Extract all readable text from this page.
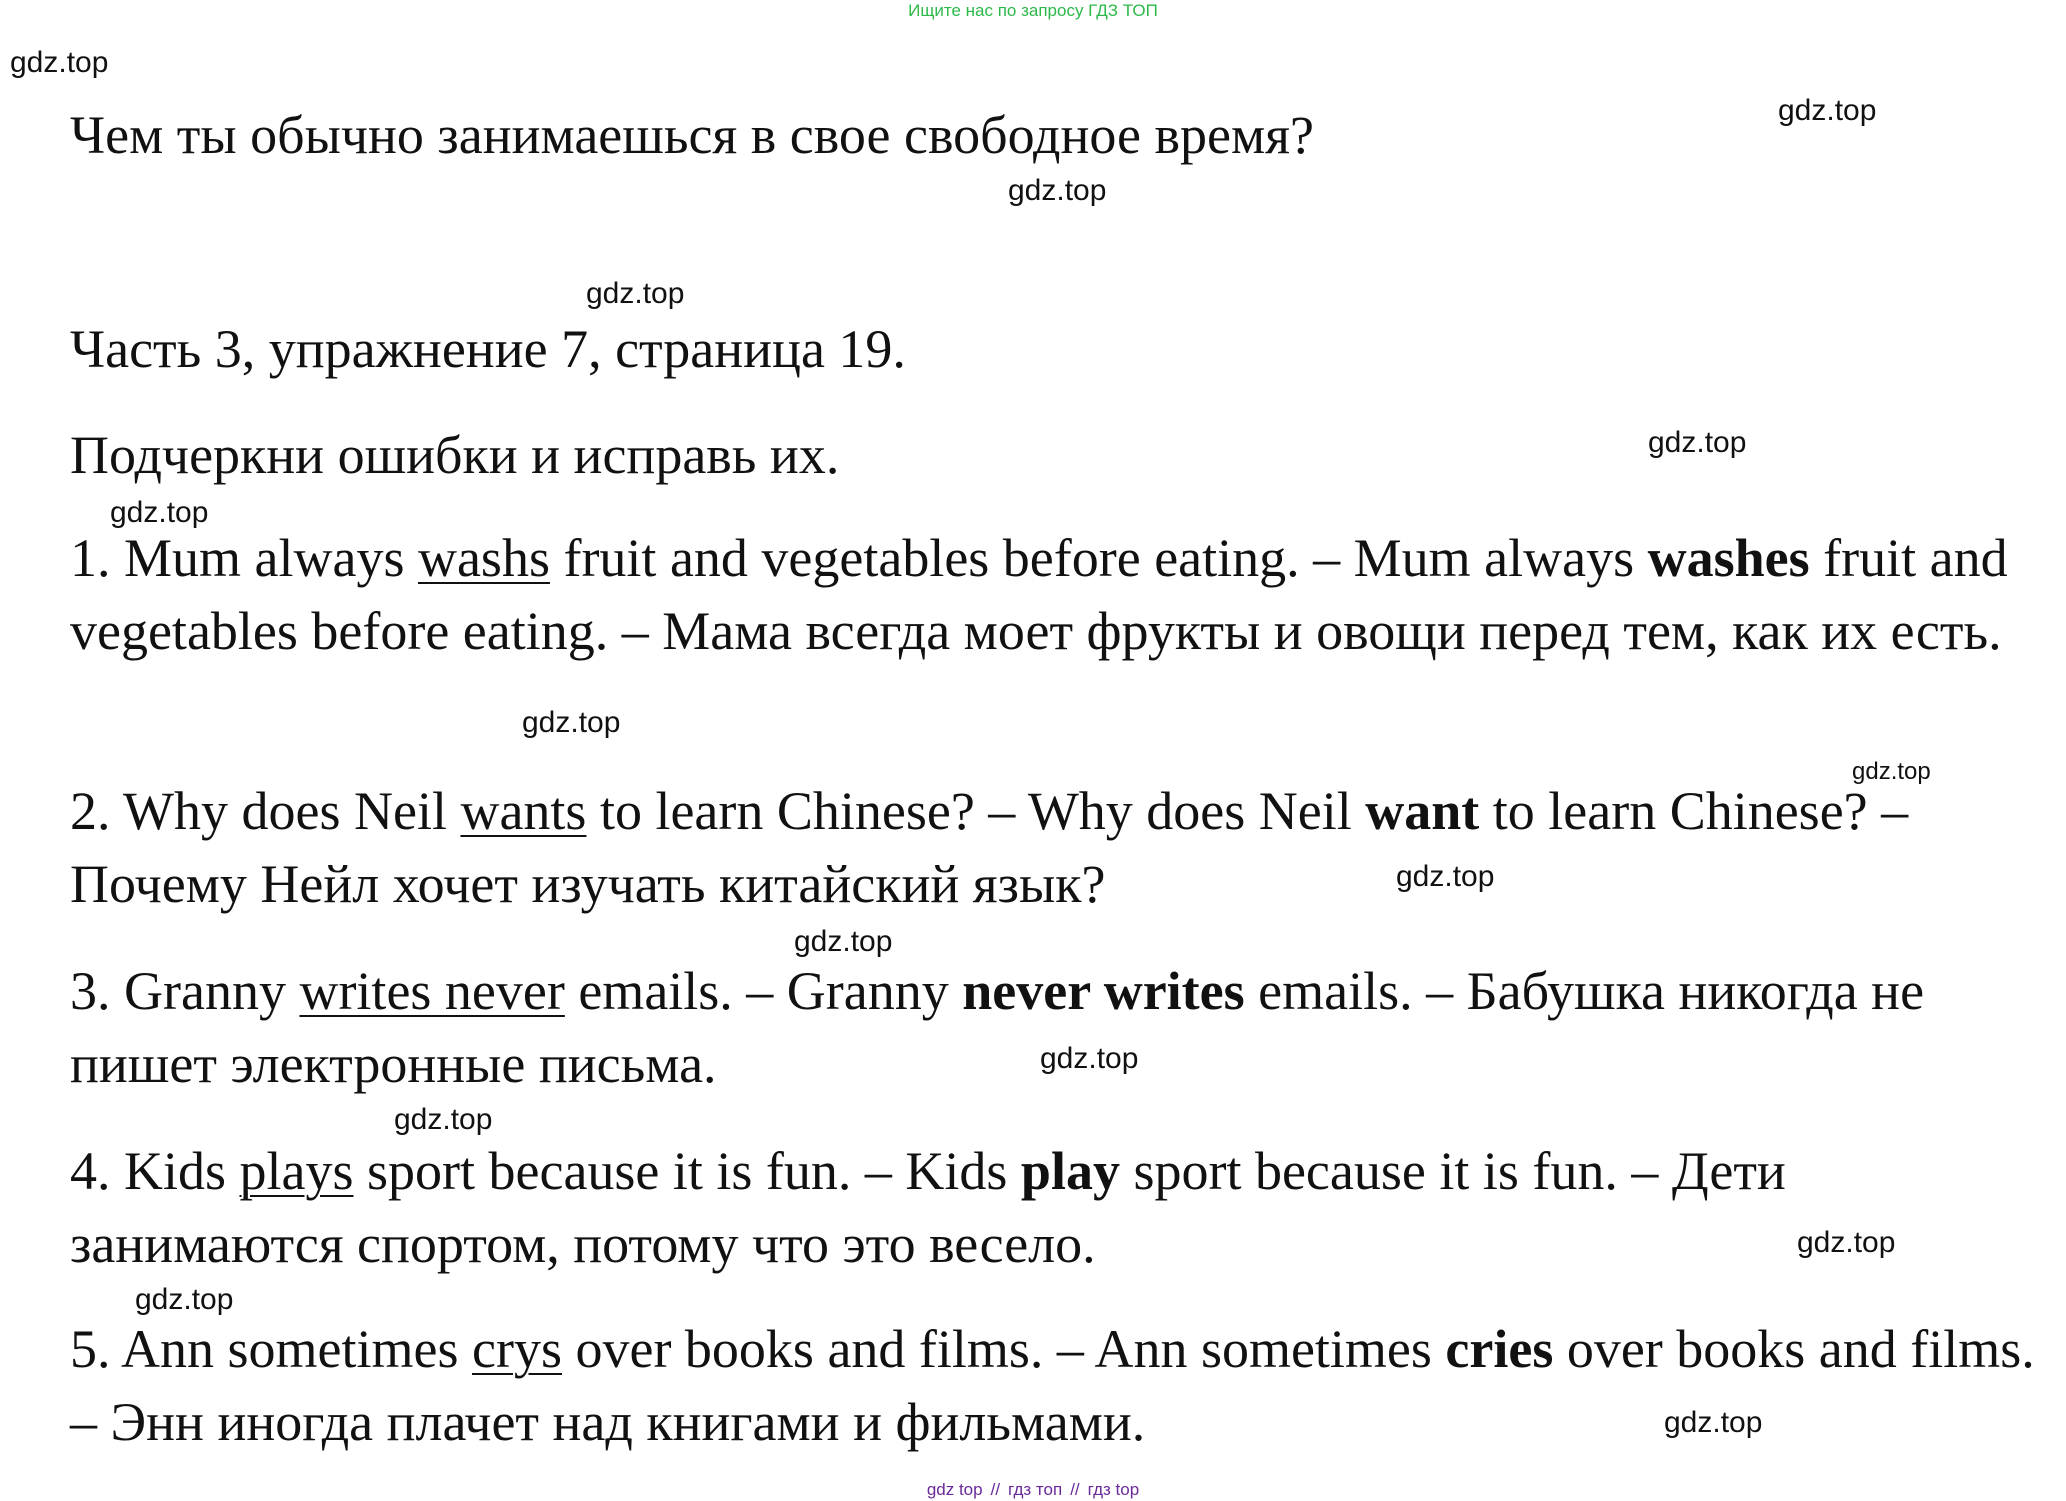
Ищите нас по запросу ГДЗ ТОП
gdz.top
gdz.top
gdz.top
gdz.top
gdz.top
gdz.top
gdz.top
gdz.top
gdz.top
gdz.top
gdz.top
gdz.top
gdz.top
gdz.top
gdz.top
Чем ты обычно занимаешься в свое свободное время?
Часть 3, упражнение 7, страница 19.
Подчеркни ошибки и исправь их.
1. Mum always washs fruit and vegetables before eating. – Mum always washes fruit and vegetables before eating. – Мама всегда моет фрукты и овощи перед тем, как их есть.
2. Why does Neil wants to learn Chinese? – Why does Neil want to learn Chinese? – Почему Нейл хочет изучать китайский язык?
3. Granny writes never emails. – Granny never writes emails. – Бабушка никогда не пишет электронные письма.
4. Kids plays sport because it is fun. – Kids play sport because it is fun. – Дети занимаются спортом, потому что это весело.
5. Ann sometimes crys over books and films. – Ann sometimes cries over books and films. – Энн иногда плачет над книгами и фильмами.
gdz top // гдз топ // гдз top
